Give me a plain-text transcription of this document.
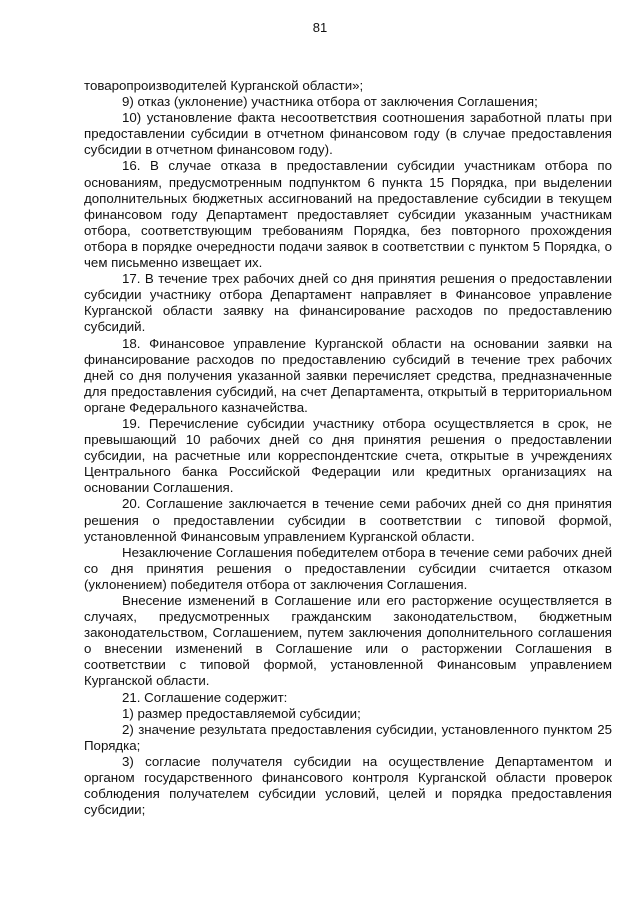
81

товаропроизводителей Курганской области»;

9) отказ (уклонение) участника отбора от заключения Соглашения;

10) установление факта несоответствия соотношения заработной платы при предоставлении субсидии в отчетном финансовом году (в случае предоставления субсидии в отчетном финансовом году).

16. В случае отказа в предоставлении субсидии участникам отбора по основаниям, предусмотренным подпунктом 6 пункта 15 Порядка, при выделении дополнительных бюджетных ассигнований на предоставление субсидии в текущем финансовом году Департамент предоставляет субсидии указанным участникам отбора, соответствующим требованиям Порядка, без повторного прохождения отбора в порядке очередности подачи заявок в соответствии с пунктом 5 Порядка, о чем письменно извещает их.

17. В течение трех рабочих дней со дня принятия решения о предоставлении субсидии участнику отбора Департамент направляет в Финансовое управление Курганской области заявку на финансирование расходов по предоставлению субсидий.

18. Финансовое управление Курганской области на основании заявки на финансирование расходов по предоставлению субсидий в течение трех рабочих дней со дня получения указанной заявки перечисляет средства, предназначенные для предоставления субсидий, на счет Департамента, открытый в территориальном органе Федерального казначейства.

19. Перечисление субсидии участнику отбора осуществляется в срок, не превышающий 10 рабочих дней со дня принятия решения о предоставлении субсидии, на расчетные или корреспондентские счета, открытые в учреждениях Центрального банка Российской Федерации или кредитных организациях на основании Соглашения.

20. Соглашение заключается в течение семи рабочих дней со дня принятия решения о предоставлении субсидии в соответствии с типовой формой, установленной Финансовым управлением Курганской области.

Незаключение Соглашения победителем отбора в течение семи рабочих дней со дня принятия решения о предоставлении субсидии считается отказом (уклонением) победителя отбора от заключения Соглашения.

Внесение изменений в Соглашение или его расторжение осуществляется в случаях, предусмотренных гражданским законодательством, бюджетным законодательством, Соглашением, путем заключения дополнительного соглашения о внесении изменений в Соглашение или о расторжении Соглашения в соответствии с типовой формой, установленной Финансовым управлением Курганской области.

21. Соглашение содержит:

1) размер предоставляемой субсидии;

2) значение результата предоставления субсидии, установленного пунктом 25 Порядка;

3) согласие получателя субсидии на осуществление Департаментом и органом государственного финансового контроля Курганской области проверок соблюдения получателем субсидии условий, целей и порядка предоставления субсидии;
